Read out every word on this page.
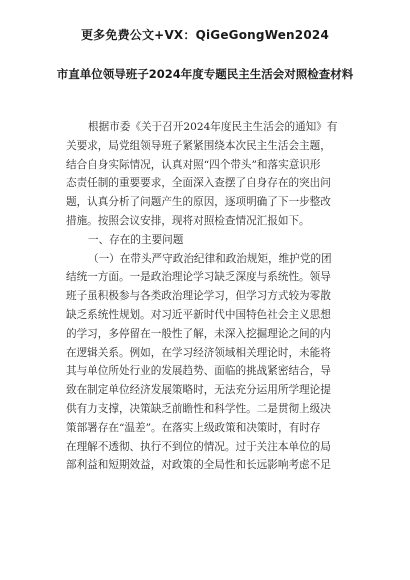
更多免费公文+VX：QiGeGongWen2024
市直单位领导班子2024年度专题民主生活会对照检查材料
根据市委《关于召开2024年度民主生活会的通知》有
关要求，局党组领导班子紧紧围绕本次民主生活会主题，
结合自身实际情况，认真对照“四个带头”和落实意识形
态责任制的重要要求，全面深入查摆了自身存在的突出问
题，认真分析了问题产生的原因，逐项明确了下一步整改
措施。按照会议安排，现将对照检查情况汇报如下。
一、存在的主要问题
（一）在带头严守政治纪律和政治规矩，维护党的团
结统一方面。一是政治理论学习缺乏深度与系统性。领导
班子虽积极参与各类政治理论学习，但学习方式较为零散
缺乏系统性规划。对习近平新时代中国特色社会主义思想
的学习，多停留在一般性了解，未深入挖掘理论之间的内
在逻辑关系。例如，在学习经济领域相关理论时，未能将
其与单位所处行业的发展趋势、面临的挑战紧密结合，导
致在制定单位经济发展策略时，无法充分运用所学理论提
供有力支撑，决策缺乏前瞻性和科学性。二是贯彻上级决
策部署存在“温差”。在落实上级政策和决策时，有时存
在理解不透彻、执行不到位的情况。过于关注本单位的局
部利益和短期效益，对政策的全局性和长远影响考虑不足
